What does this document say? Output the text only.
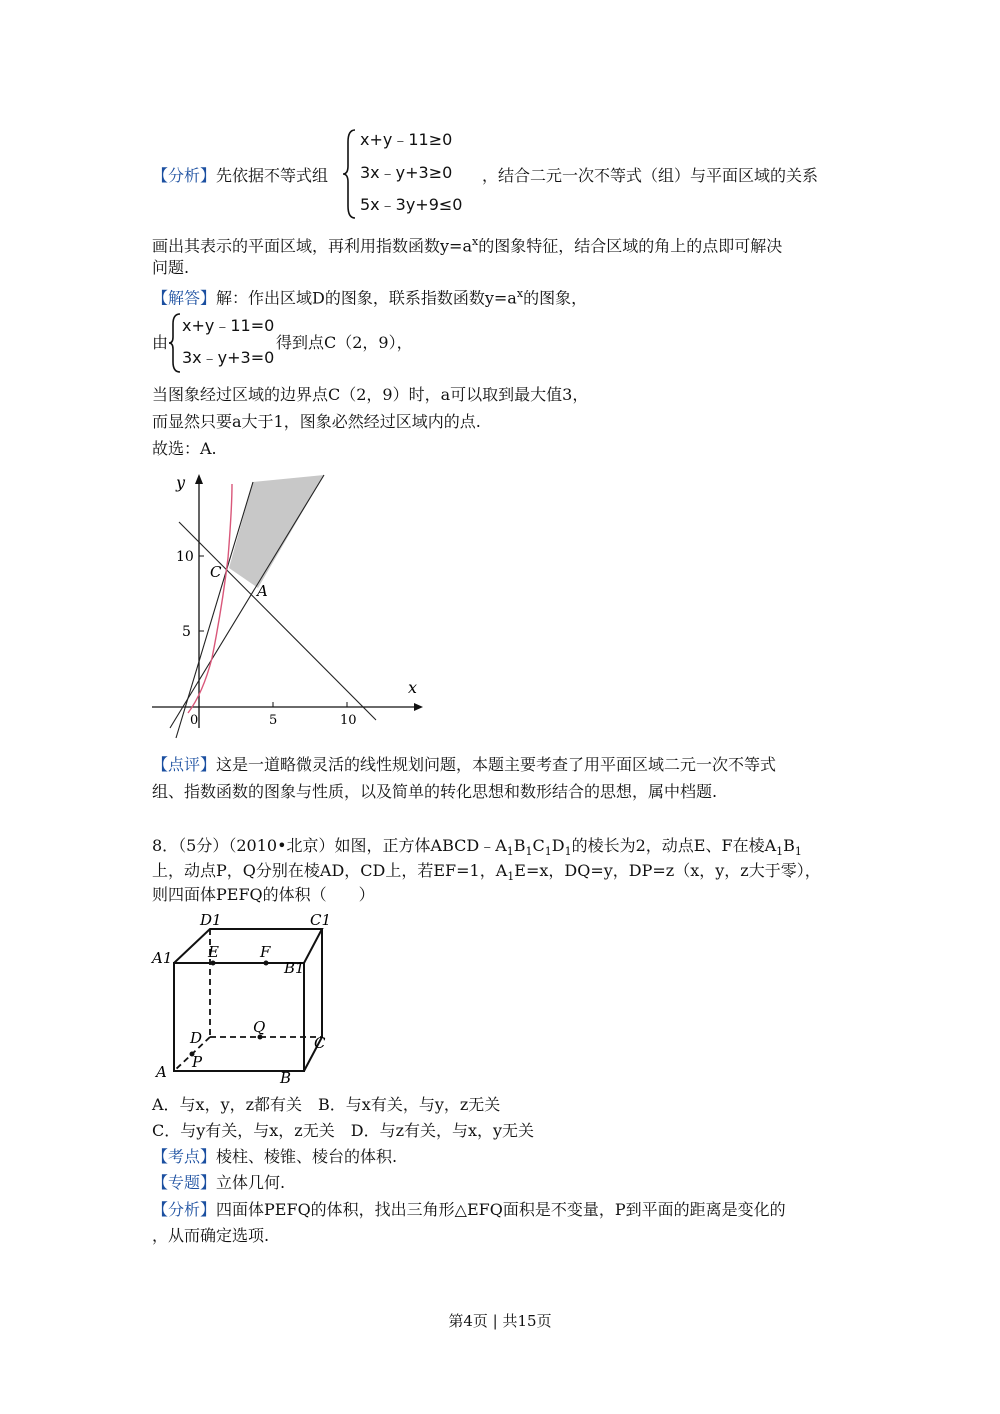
【分析】先依据不等式组
x+y﹣11≥0
3x﹣y+3≥0
5x﹣3y+9≤0
，结合二元一次不等式（组）与平面区域的关系
画出其表示的平面区域，再利用指数函数$y=a^x$的图象特征，结合区域的角上的点即可解决
问题.
【解答】解：作出区域D的图象，联系指数函数$y=a^x$的图象，
由
x+y﹣11=0
3x﹣y+3=0
得到点C（2，9），
当图象经过区域的边界点C（2，9）时，a可以取到最大值3，
而显然只要a大于1，图象必然经过区域内的点.
故选：A.
y
x
10
5
0	5	10
C
A
【点评】这是一道略微灵活的线性规划问题，本题主要考查了用平面区域二元一次不等式
组、指数函数的图象与性质，以及简单的转化思想和数形结合的思想，属中档题.
8．（5分）（2010•北京）如图，正方体$ABCD﹣A_1B_1C_1D_1$的棱长为2，动点E、F在棱$A_1B_1$
上，动点P，Q分别在棱AD，CD上，若EF=1，$A_1E=x$，DQ=y，DP=z（x，y，z大于零），
则四面体PEFQ的体积（　　）
D1	C1
A1 E	F
B1
Q
D	C
P
A	B
A．与x，y，z都有关　B．与x有关，与y，z无关
C．与y有关，与x，z无关　D．与z有关，与x，y无关
【考点】棱柱、棱锥、棱台的体积.
【专题】立体几何.
【分析】四面体PEFQ的体积，找出三角形△EFQ面积是不变量，P到平面的距离是变化的
，从而确定选项.
第4页 | 共15页
